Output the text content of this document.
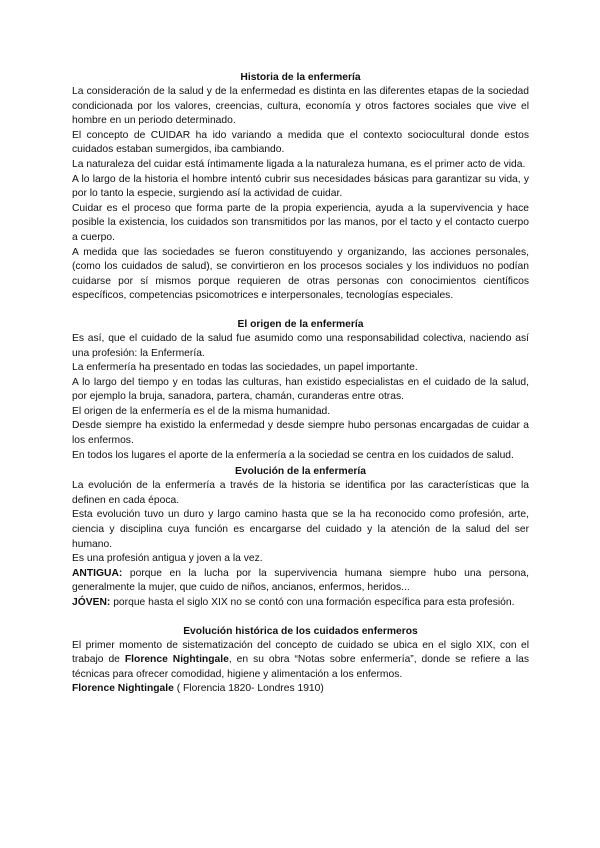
Historia de la enfermería

La consideración de la salud y de la enfermedad es distinta en las diferentes etapas de la sociedad condicionada por los valores, creencias, cultura, economía y otros factores sociales que vive el hombre en un periodo determinado.

El concepto de CUIDAR ha ido variando a medida que el contexto sociocultural donde estos cuidados estaban sumergidos, iba cambiando.

La naturaleza del cuidar está íntimamente ligada a la naturaleza humana, es el primer acto de vida.

A lo largo de la historia el hombre intentó cubrir sus necesidades básicas para garantizar su vida, y por lo tanto la especie, surgiendo así la actividad de cuidar.

Cuidar es el proceso que forma parte de la propia experiencia, ayuda a la supervivencia y hace posible la existencia, los cuidados son transmitidos por las manos, por el tacto y el contacto cuerpo a cuerpo.

A medida que las sociedades se fueron constituyendo y organizando, las acciones personales, (como los cuidados de salud), se convirtieron en los procesos sociales y los individuos no podían cuidarse por sí mismos porque requieren de otras personas con conocimientos científicos específicos, competencias psicomotrices e interpersonales, tecnologías especiales.

El origen de la enfermería

Es así, que el cuidado de la salud fue asumido como una responsabilidad colectiva, naciendo así una profesión: la Enfermería.

La enfermería ha presentado en todas las sociedades, un papel importante.

A lo largo del tiempo y en todas las culturas, han existido especialistas en el cuidado de la salud, por ejemplo la bruja, sanadora, partera, chamán, curanderas entre otras.

El origen de la enfermería es el de la misma humanidad.

Desde siempre ha existido la enfermedad y desde siempre hubo personas encargadas de cuidar a los enfermos.

En todos los lugares el aporte de la enfermería a la sociedad se centra en los cuidados de salud.

Evolución de la enfermería

La evolución de la enfermería a través de la historia se identifica por las características que la definen en cada época.

Esta evolución tuvo un duro y largo camino hasta que se la ha reconocido como profesión, arte, ciencia y disciplina cuya función es encargarse del cuidado y la atención de la salud del ser humano.

Es una profesión antigua y joven a la vez.

ANTIGUA: porque en la lucha por la supervivencia humana siempre hubo una persona, generalmente la mujer, que cuido de niños, ancianos, enfermos, heridos...

JÓVEN: porque hasta el siglo XIX no se contó con una formación específica para esta profesión.

Evolución histórica de los cuidados enfermeros

El primer momento de sistematización del concepto de cuidado se ubica en el siglo XIX, con el trabajo de Florence Nightingale, en su obra “Notas sobre enfermería”, donde se refiere a las técnicas para ofrecer comodidad, higiene y alimentación a los enfermos.

Florence Nightingale ( Florencia 1820- Londres 1910)
